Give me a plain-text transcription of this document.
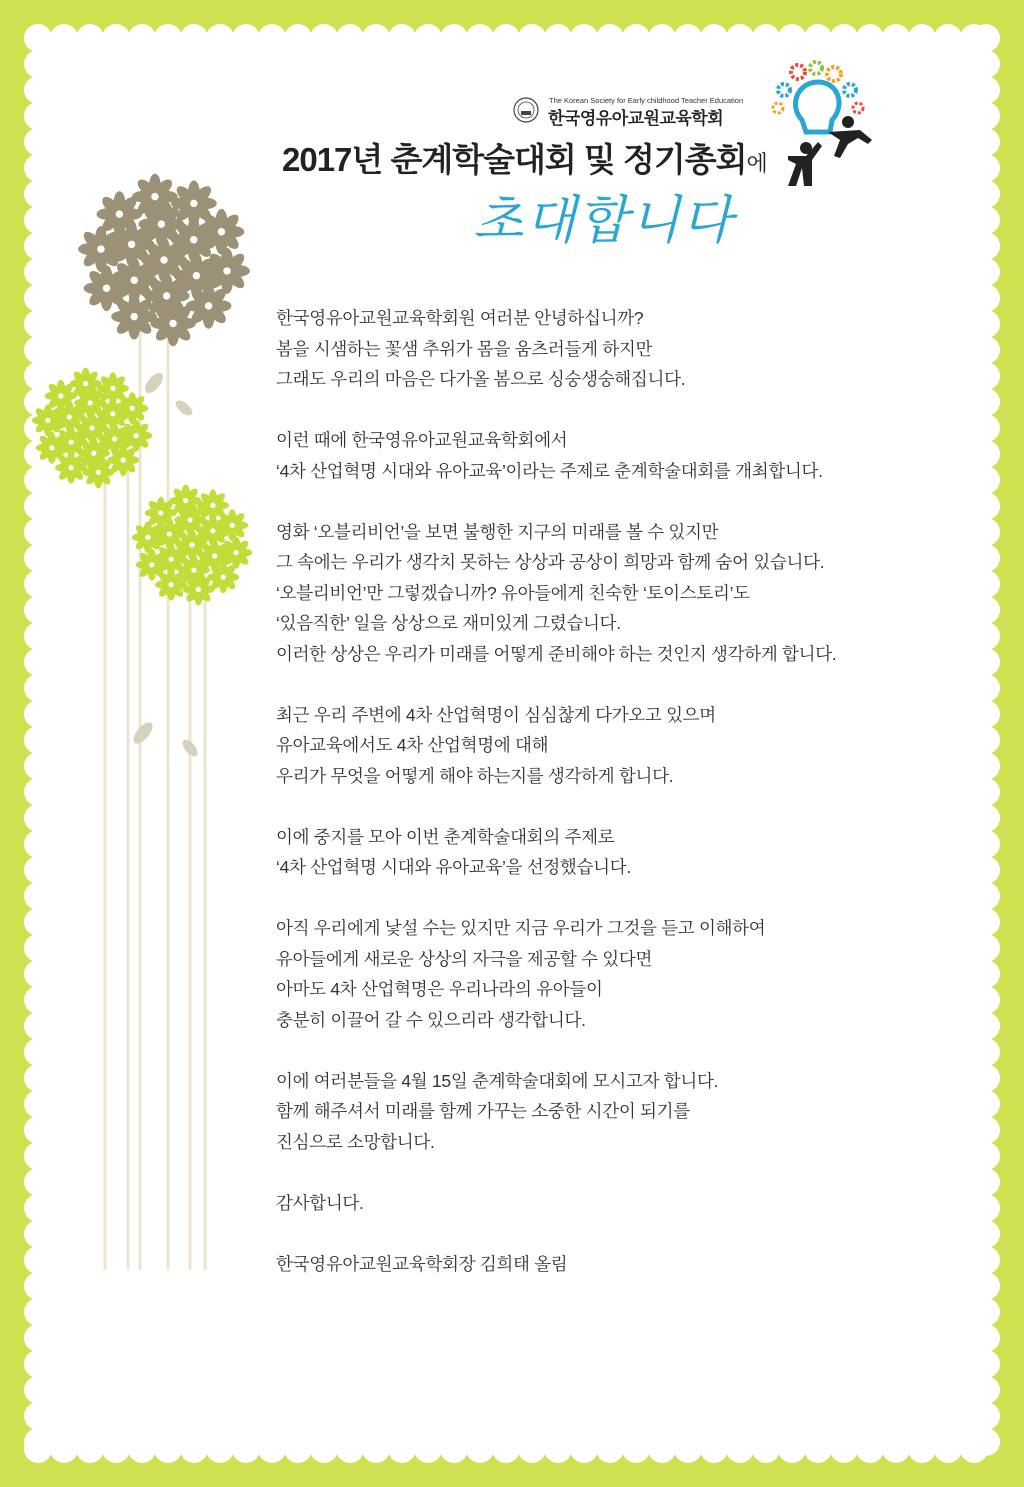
The Korean Society for Early childhood Teacher Education
한국영유아교원교육학회
2017년 춘계학술대회 및 정기총회에
초대합니다
한국영유아교원교육학회원 여러분 안녕하십니까?
봄을 시샘하는 꽃샘 추위가 몸을 움츠러들게 하지만
그래도 우리의 마음은 다가올 봄으로 싱숭생숭해집니다.
이런 때에 한국영유아교원교육학회에서
‘4차 산업혁명 시대와 유아교육’이라는 주제로 춘계학술대회를 개최합니다.
영화 ‘오블리비언’을 보면 불행한 지구의 미래를 볼 수 있지만
그 속에는 우리가 생각치 못하는 상상과 공상이 희망과 함께 숨어 있습니다.
‘오블리비언’만 그렇겠습니까? 유아들에게 친숙한 ‘토이스토리’도
‘있음직한’ 일을 상상으로 재미있게 그렸습니다.
이러한 상상은 우리가 미래를 어떻게 준비해야 하는 것인지 생각하게 합니다.
최근 우리 주변에 4차 산업혁명이 심심찮게 다가오고 있으며
유아교육에서도 4차 산업혁명에 대해
우리가 무엇을 어떻게 해야 하는지를 생각하게 합니다.
이에 중지를 모아 이번 춘계학술대회의 주제로
‘4차 산업혁명 시대와 유아교육’을 선정했습니다.
아직 우리에게 낯설 수는 있지만 지금 우리가 그것을 듣고 이해하여
유아들에게 새로운 상상의 자극을 제공할 수 있다면
아마도 4차 산업혁명은 우리나라의 유아들이
충분히 이끌어 갈 수 있으리라 생각합니다.
이에 여러분들을 4월 15일 춘계학술대회에 모시고자 합니다.
함께 해주셔서 미래를 함께 가꾸는 소중한 시간이 되기를
진심으로 소망합니다.
감사합니다.
한국영유아교원교육학회장 김희태 올림
